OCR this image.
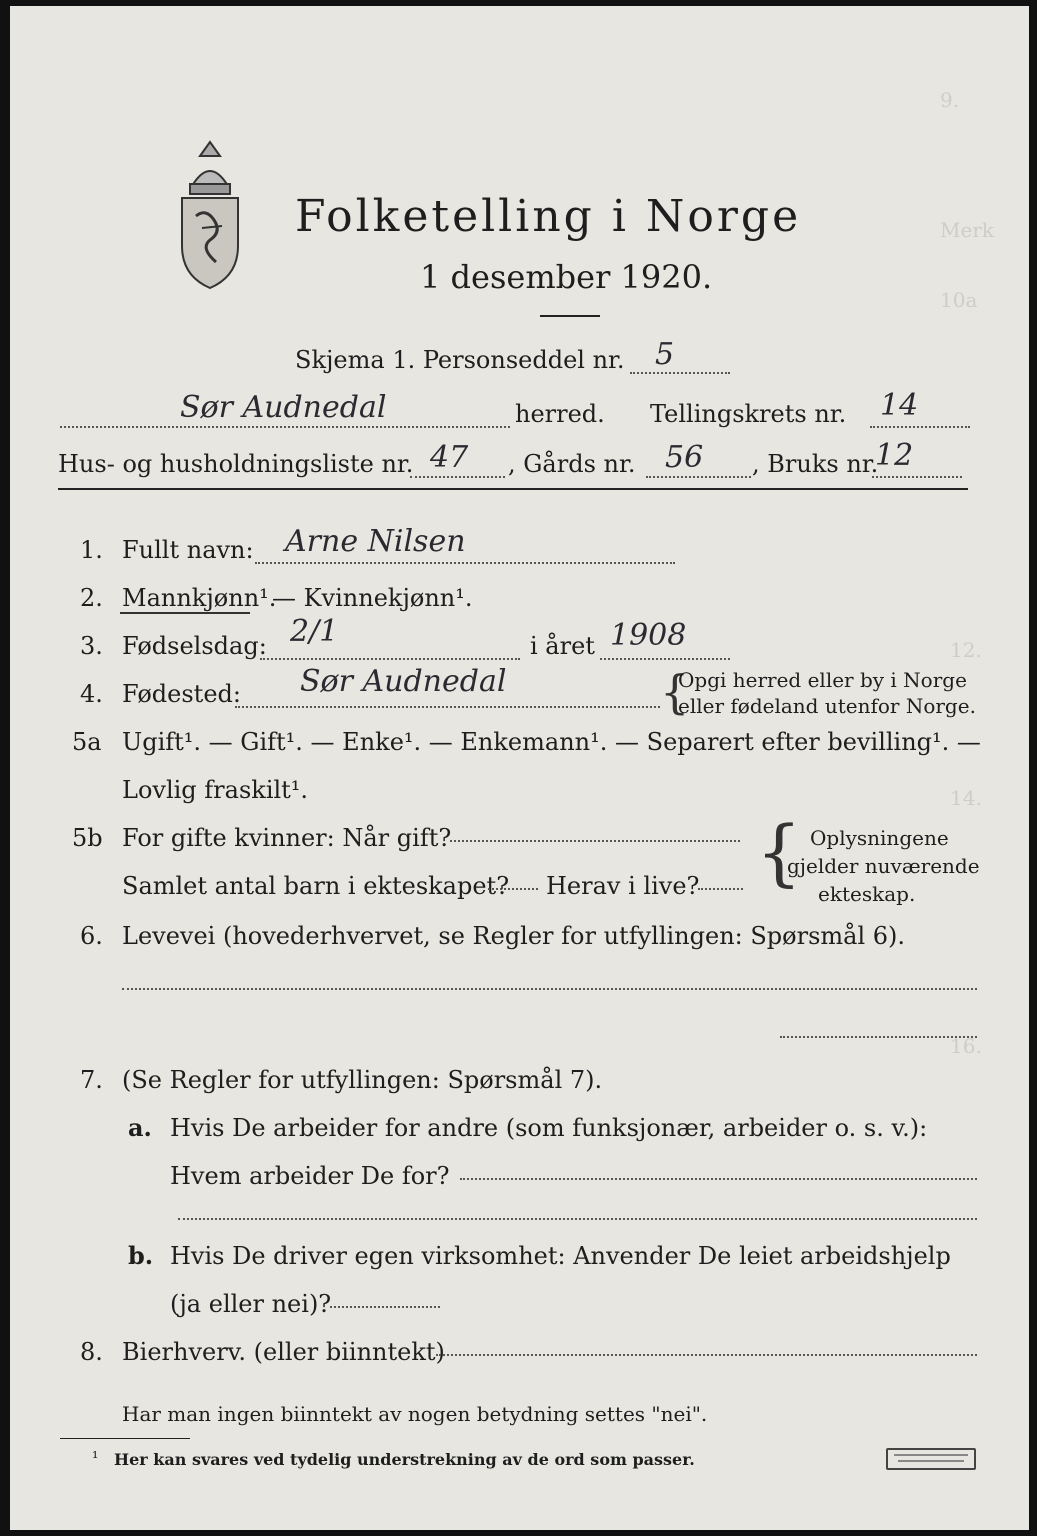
9.
Merk
10a
12.
14.
16.
Folketelling i Norge
1 desember 1920.
Skjema 1. Personseddel nr. 5
Sør Audnedal	herred. Tellingskrets nr. 14
Hus- og husholdningsliste nr. 47 , Gårds nr. 56 , Bruks nr.
12
1. Fullt navn: Arne Nilsen
2. Mannkjønn¹.
— Kvinnekjønn¹.
3. Fødselsdag: 2/1	i året 1908
4. Fødested: Sør Audnedal	{
Opgi herred eller by i Norge
eller fødeland utenfor Norge.
5a Ugift¹. — Gift¹. — Enke¹. — Enkemann¹. — Separert efter bevilling¹. —
Lovlig fraskilt¹.
5b For gifte kvinner: Når gift?
Samlet antal barn i ekteskapet? Herav i live? { Oplysningene
gjelder nuværende
ekteskap.
6. Levevei (hovederhvervet, se Regler for utfyllingen: Spørsmål 6).
7. (Se Regler for utfyllingen: Spørsmål 7).
a. Hvis De arbeider for andre (som funksjonær, arbeider o. s. v.):
Hvem arbeider De for?
b. Hvis De driver egen virksomhet: Anvender De leiet arbeidshjelp
(ja eller nei)?
8. Bierhverv. (eller biinntekt)
Har man ingen biinntekt av nogen betydning settes "nei".
¹ Her kan svares ved tydelig understrekning av de ord som passer.
